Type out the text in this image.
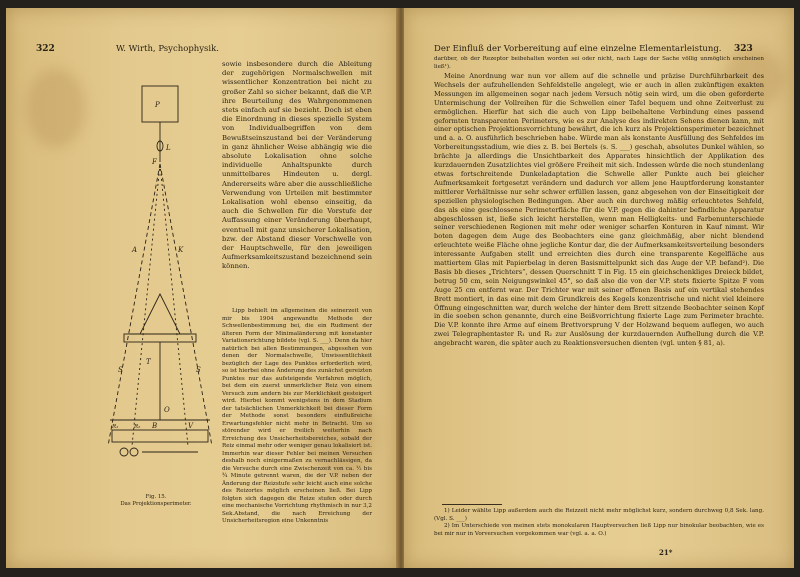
322	W. Wirth, Psychophysik.

sowie insbesondere durch die Ableitung der zugehörigen Normalschwellen mit wissentlicher Konzentration bei nicht zu großer Zahl so sicher bekannt, daß die V.P. ihre Beurteilung des Wahrgenommenen stets einfach auf sie bezieht. Doch ist eben die Einordnung in dieses spezielle System von Individualbegriffen von dem Bewußtseinszustand bei der Veränderung in ganz ähnlicher Weise abhängig wie die absolute Lokalisation ohne solche individuelle Anhaltspunkte durch unmittelbares Hindeuten u. dergl. Andererseits wäre aber die ausschließliche Verwendung von Urteilen mit bestimmter Lokalisation wohl ebenso einseitig, da auch die Schwellen für die Vorstufe der Auffassung einer Veränderung überhaupt, eventuell mit ganz unsicherer Lokalisation, bzw. der Abstand dieser Vorschwelle von der Hauptschwelle, für den jeweiligen Aufmerksamkeitszustand bezeichnend sein können.

Lipp behielt im allgemeinen die seinerzeit von mir bis 1904 angewandte Methode der Schwellenbestimmung bei, die ein Rudiment der älteren Form der Minimaländerung mit konstanter Variationsrichtung bildete (vgl. S. ___). Denn da hier natürlich bei allen Bestimmungen, abgesehen von denen der Normalschwelle, Unwissentlichkeit bezüglich der Lage des Punktes erforderlich wird, so ist hierbei ohne Änderung des zunächst gereizten Punktes nur das aufsteigende Verfahren möglich, bei dem ein zuerst unmerklicher Reiz von einem Versuch zum andern bis zur Merklichkeit gesteigert wird. Hierbei kommt wenigstens in dem Stadium der tatsächlichen Unmerklichkeit bei dieser Form der Methode sonst besonders einflußreiche Erwartungsfehler nicht mehr in Betracht. Um so störender wird er freilich weiterhin nach Erreichung des Unsicherheitsbereiches, sobald der Reiz einmal mehr oder weniger genau lokalisiert ist. Immerhin war dieser Fehler bei meinen Versuchen deshalb noch einigermaßen zu vernachlässigen, da die Versuche durch eine Zwischenzeit von ca. ½ bis ¾ Minute getrennt waren, die der V.P. neben der Änderung der Reizstufe sehr leicht auch eine solche des Reizortes möglich erscheinen ließ. Bei Lipp folgten sich dagegen die Reize stufen oder durch eine mechanische Vorrichtung rhythmisch in nur 3,2 Sek.Abstand, die nach Erreichung der Unsicherheitsregion eine Unkenntnis

P
F
L
A	K
S	S
T
O
R₁	R₂ B	V
Fig. 15.
Das Projektionsperimeter.
Der Einfluß der Vorbereitung auf eine einzelne Elementarleistung. 323

darüber, ob der Rezeptor beibehalten worden sei oder nicht, nach Lage der Sache völlig unmöglich erscheinen ließ¹).

Meine Anordnung war nun vor allem auf die schnelle und präzise Durchführbarkeit des Wechsels der aufzuhellenden Sehfeldstelle angelegt, wie er auch in allen zukünftigen exakten Messungen im allgemeinen sogar nach jedem Versuch nötig sein wird, um die oben geforderte Untermischung der Vollreihen für die Schwellen einer Tafel bequem und ohne Zeitverlust zu ermöglichen. Hierfür hat sich die auch von Lipp beibehaltene Verbindung eines passend geformten transparenten Perimeters, wie es zur Analyse des indirekten Sehens dienen kann, mit einer optischen Projektionsvorrichtung bewährt, die ich kurz als Projektionsperimeter bezeichnet und a. a. O. ausführlich beschrieben habe. Würde man als konstante Ausfüllung des Sehfeldes im Vorbereitungsstadium, wie dies z. B. bei Bertels (s. S. ___) geschah, absolutes Dunkel wählen, so brächte ja allerdings die Unsichtbarkeit des Apparates hinsichtlich der Applikation des kurzdauernden Zusatzlichtes viel größere Freiheit mit sich. Indessen würde die noch stundenlang etwas fortschreitende Dunkeladaptation die Schwelle aller Punkte auch bei gleicher Aufmerksamkeit fortgesetzt verändern und dadurch vor allem jene Hauptforderung konstanter mittlerer Verhältnisse nur sehr schwer erfüllen lassen, ganz abgesehen von der Einseitigkeit der speziellen physiologischen Bedingungen. Aber auch ein durchweg mäßig erleuchtetes Sehfeld, das als eine geschlossene Perimeterfläche für die V.P. gegen die dahinter befindliche Apparatur abgeschlossen ist, ließe sich leicht herstellen, wenn man Helligkeits- und Farbenunterschiede seiner verschiedenen Regionen mit mehr oder weniger scharfen Konturen in Kauf nimmt. Wir boten dagegen dem Auge des Beobachters eine ganz gleichmäßig, aber nicht blendend erleuchtete weiße Fläche ohne jegliche Kontur dar, die der Aufmerksamkeitsverteilung besonders interessante Aufgaben stellt und erreichten dies durch eine transparente Kegelfläche aus mattiertem Glas mit Papierbelag in deren Basismittelpunkt sich das Auge der V.P. befand²). Die Basis bb dieses „Trichters“, dessen Querschnitt T in Fig. 15 ein gleichschenkliges Dreieck bildet, betrug 50 cm, sein Neigungswinkel 45°, so daß also die von der V.P. stets fixierte Spitze F vom Auge 25 cm entfernt war. Der Trichter war mit seiner offenen Basis auf ein vertikal stehendes Brett montiert, in das eine mit dem Grundkreis des Kegels konzentrische und nicht viel kleinere Öffnung eingeschnitten war, durch welche der hinter dem Brett sitzende Beobachter seinen Kopf in die soeben schon genannte, durch eine Beißvorrichtung fixierte Lage zum Perimeter brachte. Die V.P. konnte ihre Arme auf einem Brettvorsprung V der Holzwand bequem auflegen, wo auch zwei Telegraphentaster R₁ und R₂ zur Auslösung der kurzdauernden Aufhellung durch die V.P. angebracht waren, die später auch zu Reaktionsversuchen dienten (vgl. unten § 81, a).

1) Leider wählte Lipp außerdem auch die Reizzeit nicht mehr möglichst kurz, sondern durchweg 0,8 Sek. lang. (Vgl. S. ___)

2) Im Unterschiede von meinen stets monokularen Hauptversuchen ließ Lipp nur binokular beobachten, wie es bei mir nur in Vorversuchen vorgekommen war (vgl. a. a. O.)

21*
